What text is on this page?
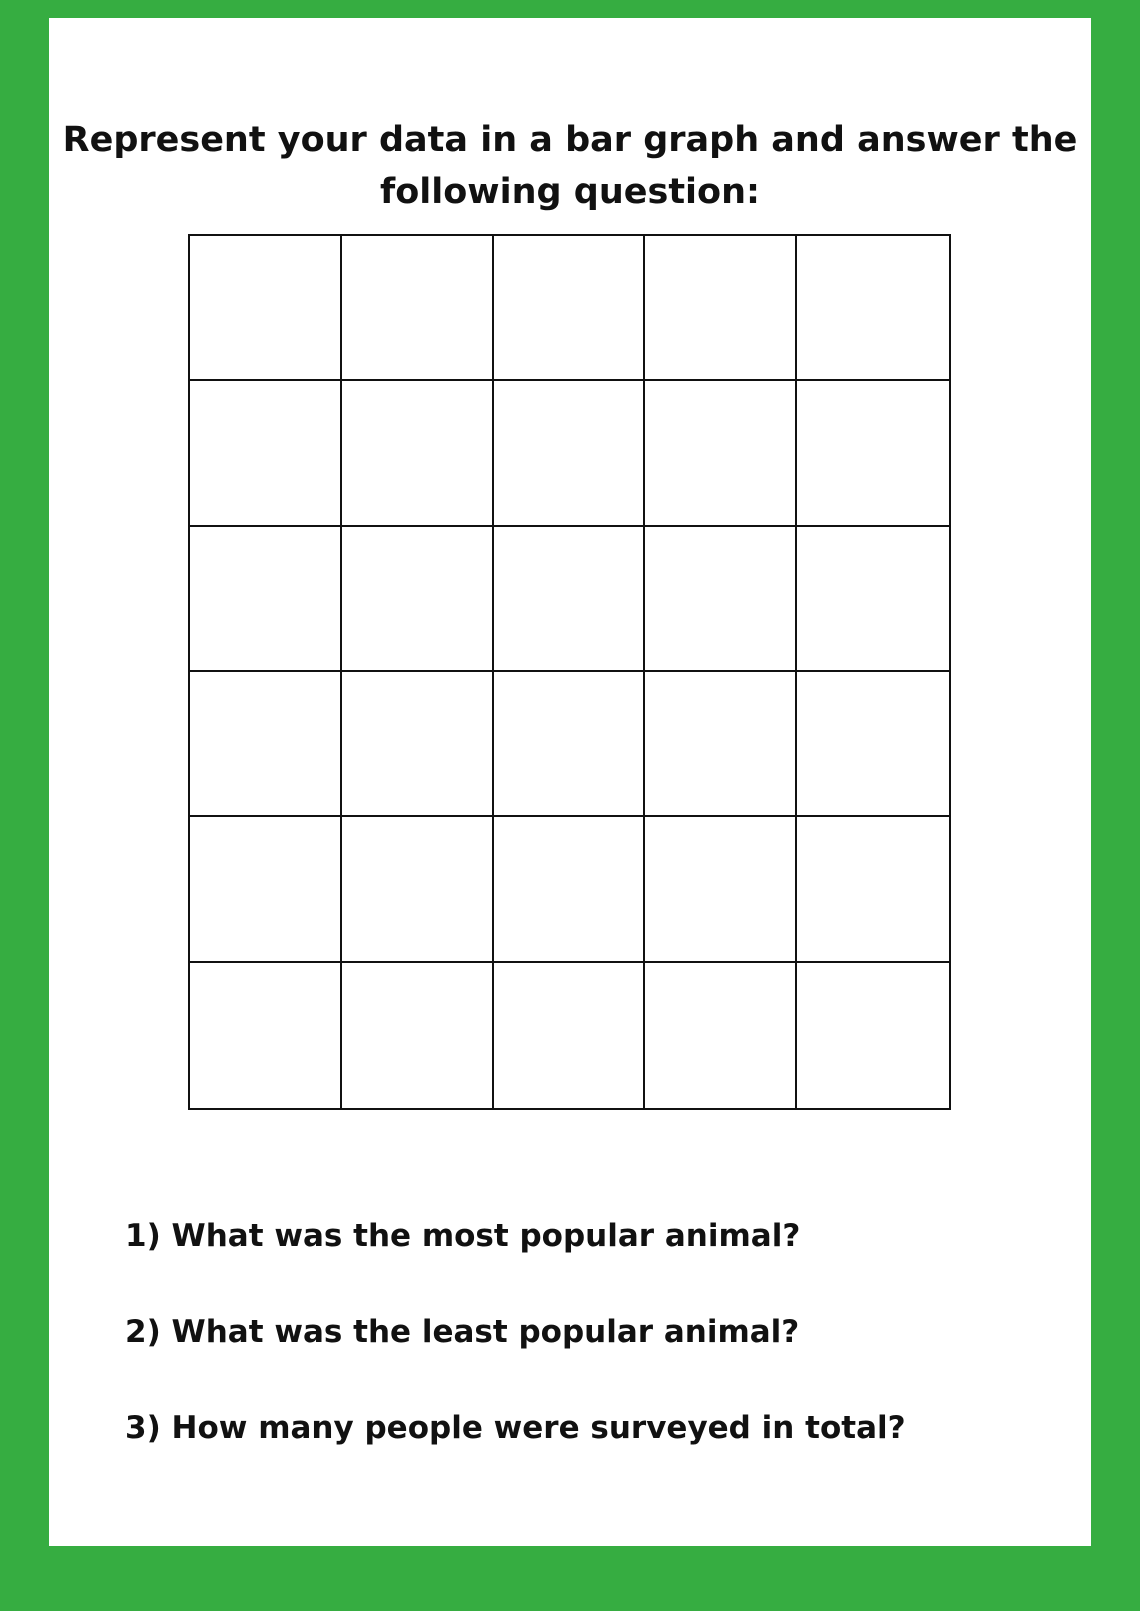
Represent your data in a bar graph and answer the following question:
1) What was the most popular animal?
2) What was the least popular animal?
3) How many people were surveyed in total?
